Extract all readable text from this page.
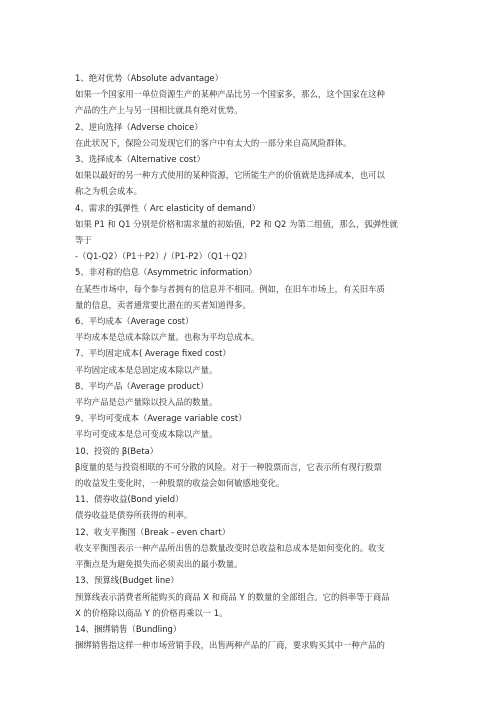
1、绝对优势（Absolute advantage）
如果一个国家用一单位资源生产的某种产品比另一个国家多，那么，这个国家在这种
产品的生产上与另一国相比就具有绝对优势。
2、逆向选择（Adverse choice）
在此状况下，保险公司发现它们的客户中有太大的一部分来自高风险群体。
3、选择成本（Alternative cost）
如果以最好的另一种方式使用的某种资源，它所能生产的价值就是选择成本，也可以
称之为机会成本。
4、需求的弧弹性（ Arc elasticity of demand）
如果 P1 和 Q1 分别是价格和需求量的初始值，P2 和 Q2 为第二组值，那么，弧弹性就
等于
-（Q1-Q2）（P1＋P2）/（P1-P2）（Q1＋Q2）
5、非对称的信息（Asymmetric information）
在某些市场中，每个参与者拥有的信息并不相同。例如，在旧车市场上，有关旧车质
量的信息，卖者通常要比潜在的买者知道得多。
6、平均成本（Average cost）
平均成本是总成本除以产量。也称为平均总成本。
7、平均固定成本( Average fixed cost）
平均固定成本是总固定成本除以产量。
8、平均产品（Average product）
平均产品是总产量除以投入品的数量。
9、平均可变成本（Average variable cost）
平均可变成本是总可变成本除以产量。
10、投资的 β(Beta）
β度量的是与投资相联的不可分散的风险。对于一种股票而言，它表示所有现行股票
的收益发生变化时，一种股票的收益会如何敏感地变化。
11、债券收益(Bond yield）
债券收益是债券所获得的利率。
12、收支平衡图（Break - even chart）
收支平衡图表示一种产品所出售的总数量改变时总收益和总成本是如何变化的。收支
平衡点是为避免损失而必须卖出的最小数量。
13、预算线(Budget line）
预算线表示消费者所能购买的商品 X 和商品 Y 的数量的全部组合。它的斜率等于商品
X 的价格除以商品 Y 的价格再乘以一 1。
14、捆绑销售（Bundling）
捆绑销售指这样一种市场营销手段，出售两种产品的厂商，要求购买其中一种产品的
